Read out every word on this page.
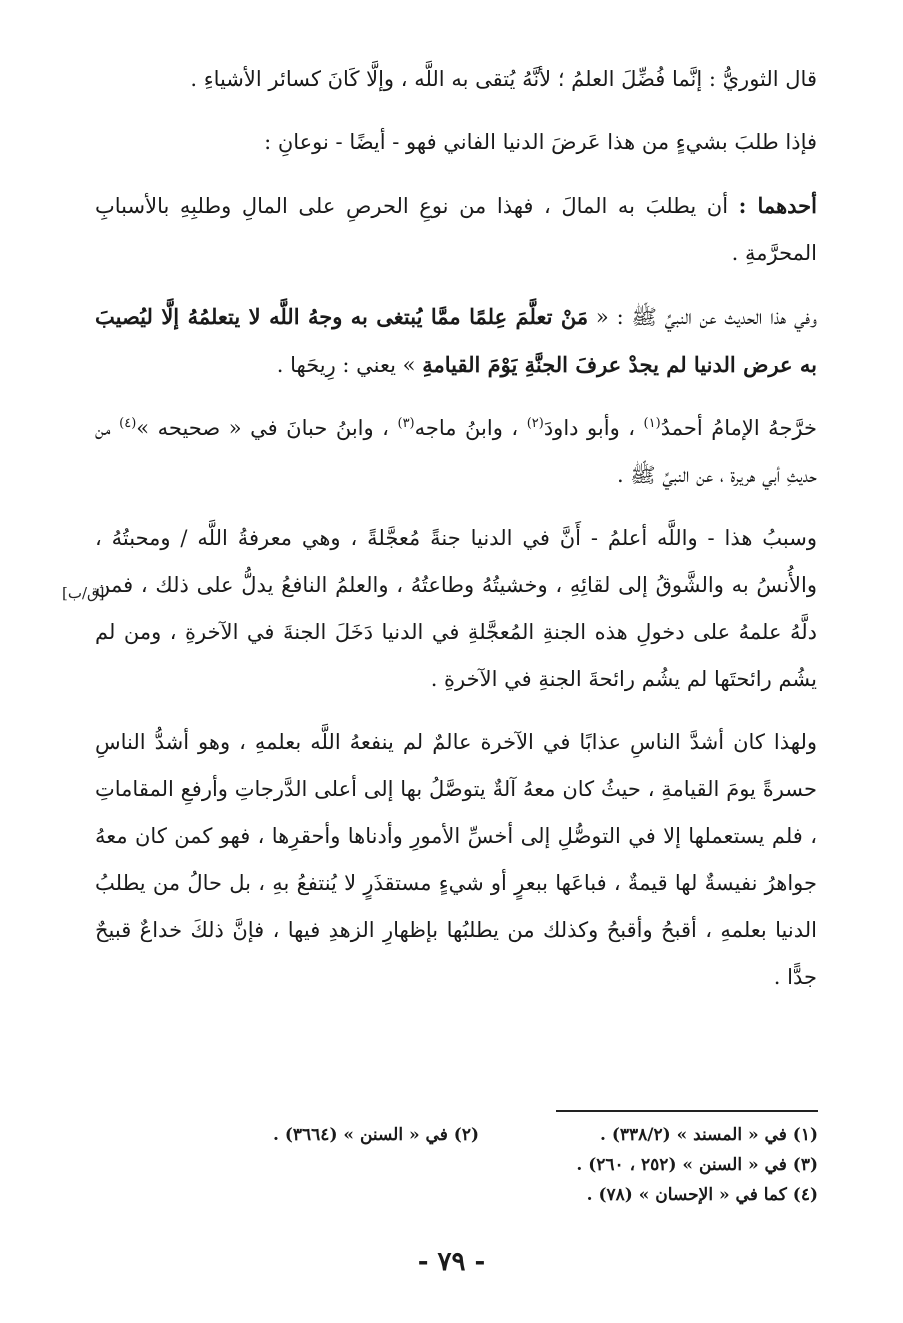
قال الثوريُّ : إنَّما فُضِّلَ العلمُ ؛ لأنَّهُ يُتقى به اللَّه ، وإلَّا كَانَ كسائر الأشياءِ .

فإذا طلبَ بشيءٍ من هذا عَرضَ الدنيا الفاني فهو - أيضًا - نوعانِ :

أحدهما : أن يطلبَ به المالَ ، فهذا من نوعِ الحرصِ على المالِ وطلبِهِ بالأسبابِ المحرَّمةِ .

وفي هذا الحديث عن النبيِّ ﷺ : « مَنْ تعلَّمَ عِلمًا ممَّا يُبتغى به وجهُ اللَّه لا يتعلمُهُ إلَّا ليُصيبَ به عرض الدنيا لم يجدْ عرفَ الجنَّةِ يَوْمَ القيامةِ » يعني : رِيحَها .

خرَّجهُ الإمامُ أحمدُ$^{(١)}$ ، وأبو داودَ$^{(٢)}$ ، وابنُ ماجه$^{(٣)}$ ، وابنُ حبانَ في « صحيحه »$^{(٤)}$ من حديثِ أبي هريرة ، عن النبيِّ ﷺ .

وسببُ هذا - واللَّه أعلمُ - أَنَّ في الدنيا جنةً مُعجَّلةً ، وهي معرفةُ اللَّه / ومحبتُهُ ، والأُنسُ به والشَّوقُ إلى لقائِهِ ، وخشيتُهُ وطاعتُهُ ، والعلمُ النافعُ يدلُّ على ذلك ، فمن دلَّهُ علمهُ على دخولِ هذه الجنةِ المُعجَّلةِ في الدنيا دَخَلَ الجنةَ في الآخرةِ ، ومن لم يشُم رائحتَها لم يشُم رائحةَ الجنةِ في الآخرةِ .

ولهذا كان أشدَّ الناسِ عذابًا في الآخرة عالمٌ لم ينفعهُ اللَّه بعلمهِ ، وهو أشدُّ الناسِ حسرةً يومَ القيامةِ ، حيثُ كان معهُ آلةٌ يتوصَّلُ بها إلى أعلى الدَّرجاتِ وأرفعِ المقاماتِ ، فلم يستعملها إلا في التوصُّلِ إلى أخسِّ الأمورِ وأدناها وأحقرِها ، فهو كمن كان معهُ جواهرُ نفيسةٌ لها قيمةٌ ، فباعَها ببعرٍ أو شيءٍ مستقذَرٍ لا يُنتفعُ بهِ ، بل حالُ من يطلبُ الدنيا بعلمهِ ، أقبحُ وأقبحُ وكذلك من يطلبُها بإظهارِ الزهدِ فيها ، فإنَّ ذلكَ خداعٌ قبيحٌ جدًّا .

[ق/ب]
(١) في « المسند » (٣٣٨/٢) .
(٢) في « السنن » (٣٦٦٤) .
(٣) في « السنن » (٢٥٢ ، ٢٦٠) .
(٤) كما في « الإحسان » (٧٨) .
- ٧٩ -
